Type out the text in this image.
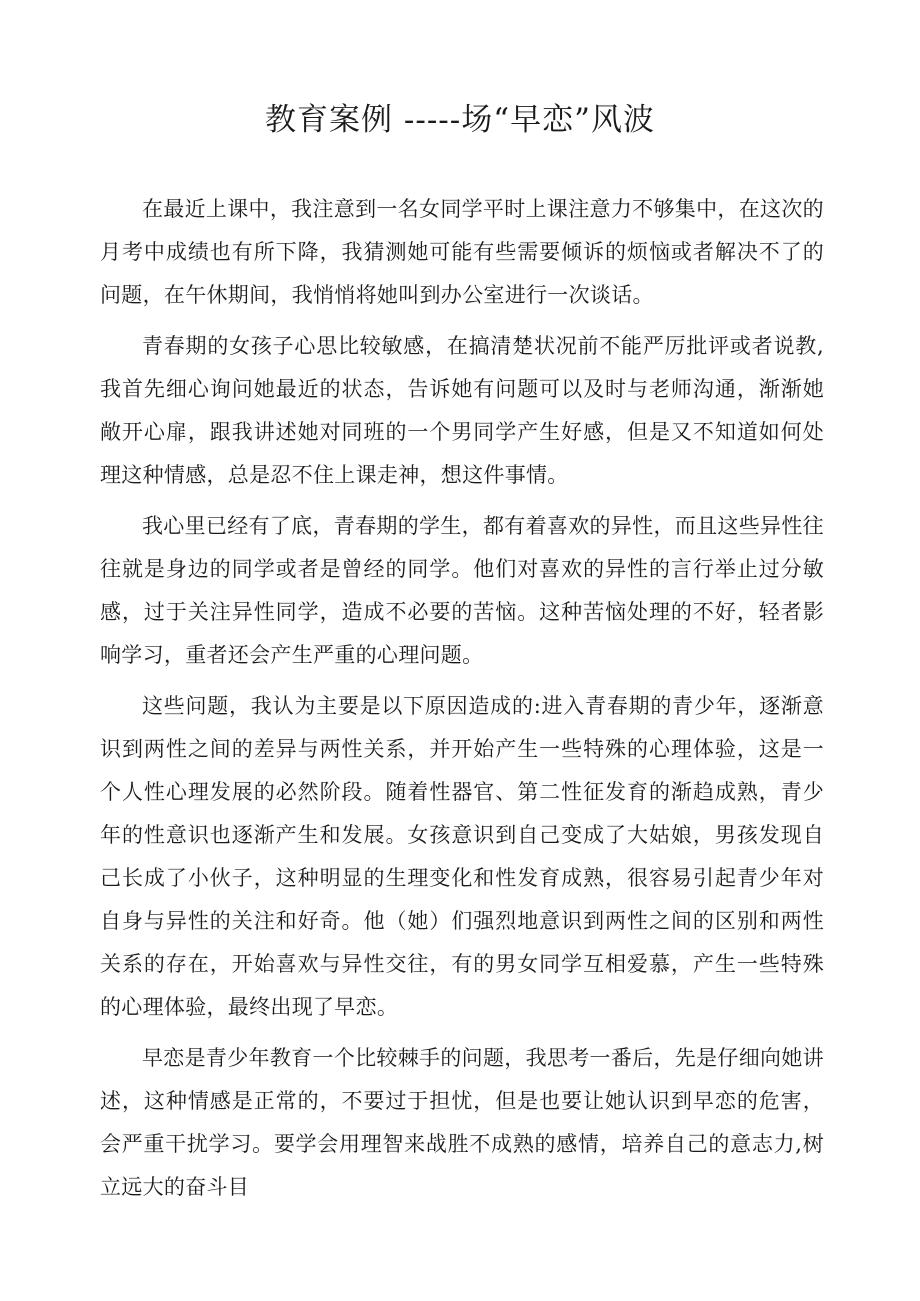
教育案例 -----场“早恋”风波

在最近上课中，我注意到一名女同学平时上课注意力不够集中，在这次的月考中成绩也有所下降，我猜测她可能有些需要倾诉的烦恼或者解决不了的问题，在午休期间，我悄悄将她叫到办公室进行一次谈话。

青春期的女孩子心思比较敏感，在搞清楚状况前不能严厉批评或者说教,我首先细心询问她最近的状态，告诉她有问题可以及时与老师沟通，渐渐她敞开心扉，跟我讲述她对同班的一个男同学产生好感，但是又不知道如何处理这种情感，总是忍不住上课走神，想这件事情。

我心里已经有了底，青春期的学生，都有着喜欢的异性，而且这些异性往往就是身边的同学或者是曾经的同学。他们对喜欢的异性的言行举止过分敏感，过于关注异性同学，造成不必要的苦恼。这种苦恼处理的不好，轻者影响学习，重者还会产生严重的心理问题。

这些问题，我认为主要是以下原因造成的:进入青春期的青少年，逐渐意识到两性之间的差异与两性关系，并开始产生一些特殊的心理体验，这是一个人性心理发展的必然阶段。随着性器官、第二性征发育的渐趋成熟，青少年的性意识也逐渐产生和发展。女孩意识到自己变成了大姑娘，男孩发现自己长成了小伙子，这种明显的生理变化和性发育成熟，很容易引起青少年对自身与异性的关注和好奇。他（她）们强烈地意识到两性之间的区别和两性关系的存在，开始喜欢与异性交往，有的男女同学互相爱慕，产生一些特殊的心理体验，最终出现了早恋。

早恋是青少年教育一个比较棘手的问题，我思考一番后，先是仔细向她讲述，这种情感是正常的，不要过于担忧，但是也要让她认识到早恋的危害，会严重干扰学习。要学会用理智来战胜不成熟的感情，培养自己的意志力,树立远大的奋斗目
